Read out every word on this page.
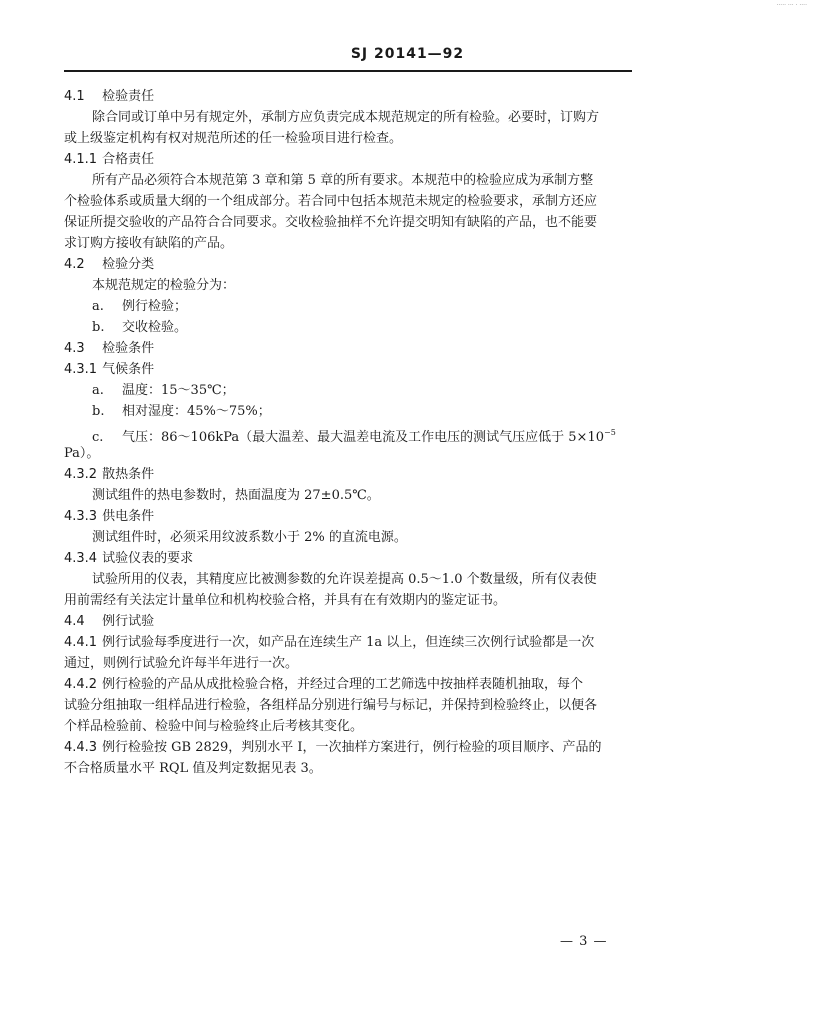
····· ··· · ····
SJ 20141—92
4.1 检验责任
除合同或订单中另有规定外，承制方应负责完成本规范规定的所有检验。必要时，订购方
或上级鉴定机构有权对规范所述的任一检验项目进行检查。
4.1.1 合格责任
所有产品必须符合本规范第 3 章和第 5 章的所有要求。本规范中的检验应成为承制方整
个检验体系或质量大纲的一个组成部分。若合同中包括本规范未规定的检验要求，承制方还应
保证所提交验收的产品符合合同要求。交收检验抽样不允许提交明知有缺陷的产品，也不能要
求订购方接收有缺陷的产品。
4.2 检验分类
本规范规定的检验分为：
a. 例行检验；
b. 交收检验。
4.3 检验条件
4.3.1 气候条件
a. 温度：15～35℃；
b. 相对湿度：45%～75%；
c. 气压：86～106kPa（最大温差、最大温差电流及工作电压的测试气压应低于 $5\times 10^{-5}$
Pa）。
4.3.2 散热条件
测试组件的热电参数时，热面温度为 27±0.5℃。
4.3.3 供电条件
测试组件时，必须采用纹波系数小于 2% 的直流电源。
4.3.4 试验仪表的要求
试验所用的仪表，其精度应比被测参数的允许误差提高 0.5～1.0 个数量级，所有仪表使
用前需经有关法定计量单位和机构校验合格，并具有在有效期内的鉴定证书。
4.4 例行试验
4.4.1 例行试验每季度进行一次，如产品在连续生产 1a 以上，但连续三次例行试验都是一次
通过，则例行试验允许每半年进行一次。
4.4.2 例行检验的产品从成批检验合格，并经过合理的工艺筛选中按抽样表随机抽取，每个
试验分组抽取一组样品进行检验，各组样品分别进行编号与标记，并保持到检验终止，以便各
个样品检验前、检验中间与检验终止后考核其变化。
4.4.3 例行检验按 GB 2829，判别水平 Ⅰ，一次抽样方案进行，例行检验的项目顺序、产品的
不合格质量水平 RQL 值及判定数据见表 3。
— 3 —
